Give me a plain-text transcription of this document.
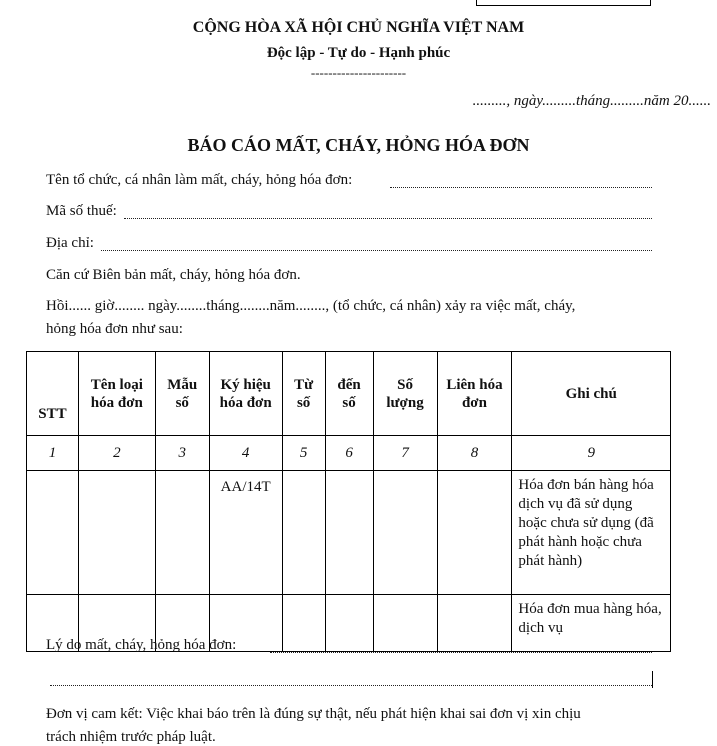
CỘNG HÒA XÃ HỘI CHỦ NGHĨA VIỆT NAM
Độc lập - Tự do - Hạnh phúc
----------------------
........., ngày.........tháng.........năm 20......
BÁO CÁO MẤT, CHÁY, HỎNG HÓA ĐƠN
Tên tổ chức, cá nhân làm mất, cháy, hỏng hóa đơn:
Mã số thuế:
Địa chỉ:
Căn cứ Biên bản mất, cháy, hỏng hóa đơn.
Hồi...... giờ........ ngày........tháng........năm........, (tổ chức, cá nhân) xảy ra việc mất, cháy,
hỏng hóa đơn như sau:
STT	Tên loại hóa đơn	Mẫu số	Ký hiệu hóa đơn	Từ số	đến số	Số lượng	Liên hóa đơn	Ghi chú
1	2	3	4	5	6	7	8	9
			AA/14T					Hóa đơn bán hàng hóa dịch vụ đã sử dụng hoặc chưa sử dụng (đã phát hành hoặc chưa phát hành)
								Hóa đơn mua hàng hóa, dịch vụ
Lý do mất, cháy, hỏng hóa đơn:
Đơn vị cam kết: Việc khai báo trên là đúng sự thật, nếu phát hiện khai sai đơn vị xin chịu
trách nhiệm trước pháp luật.
